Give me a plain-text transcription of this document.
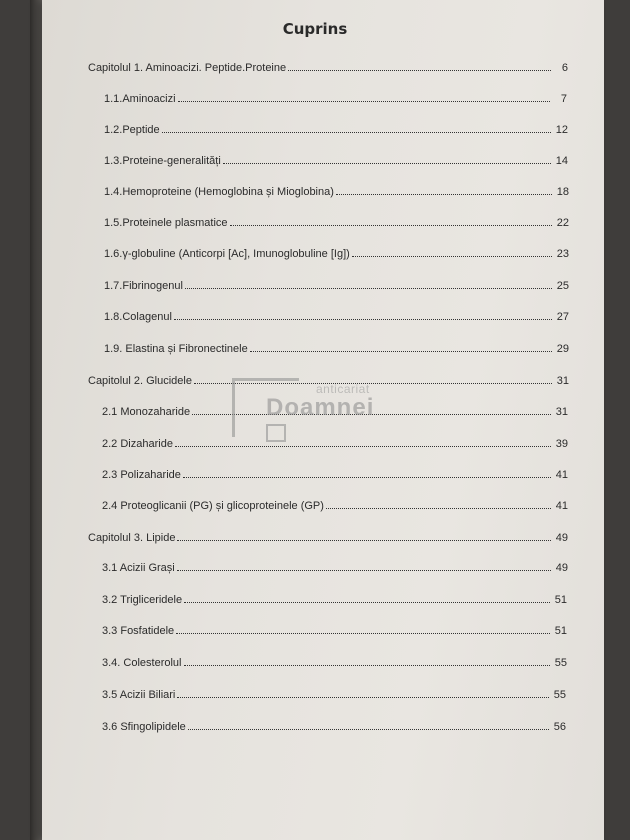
Cuprins
Capitolul 1. Aminoacizi. Peptide.Proteine	6
1.1.Aminoacizi	7
1.2.Peptide	12
1.3.Proteine-generalități	14
1.4.Hemoproteine (Hemoglobina și Mioglobina)	18
1.5.Proteinele plasmatice	22
1.6.γ-globuline (Anticorpi [Ac], Imunoglobuline [Ig])	23
1.7.Fibrinogenul	25
1.8.Colagenul	27
1.9. Elastina și Fibronectinele	29
Capitolul 2. Glucidele	31
2.1 Monozaharide	31
2.2 Dizaharide	39
2.3 Polizaharide	41
2.4 Proteoglicanii (PG) și glicoproteinele (GP)	41
Capitolul 3. Lipide	49
3.1 Acizii Grași	49
3.2 Trigliceridele	51
3.3 Fosfatidele	51
3.4. Colesterolul	55
3.5 Acizii Biliari	55
3.6 Sfingolipidele	56
anticariat
Doamnei
